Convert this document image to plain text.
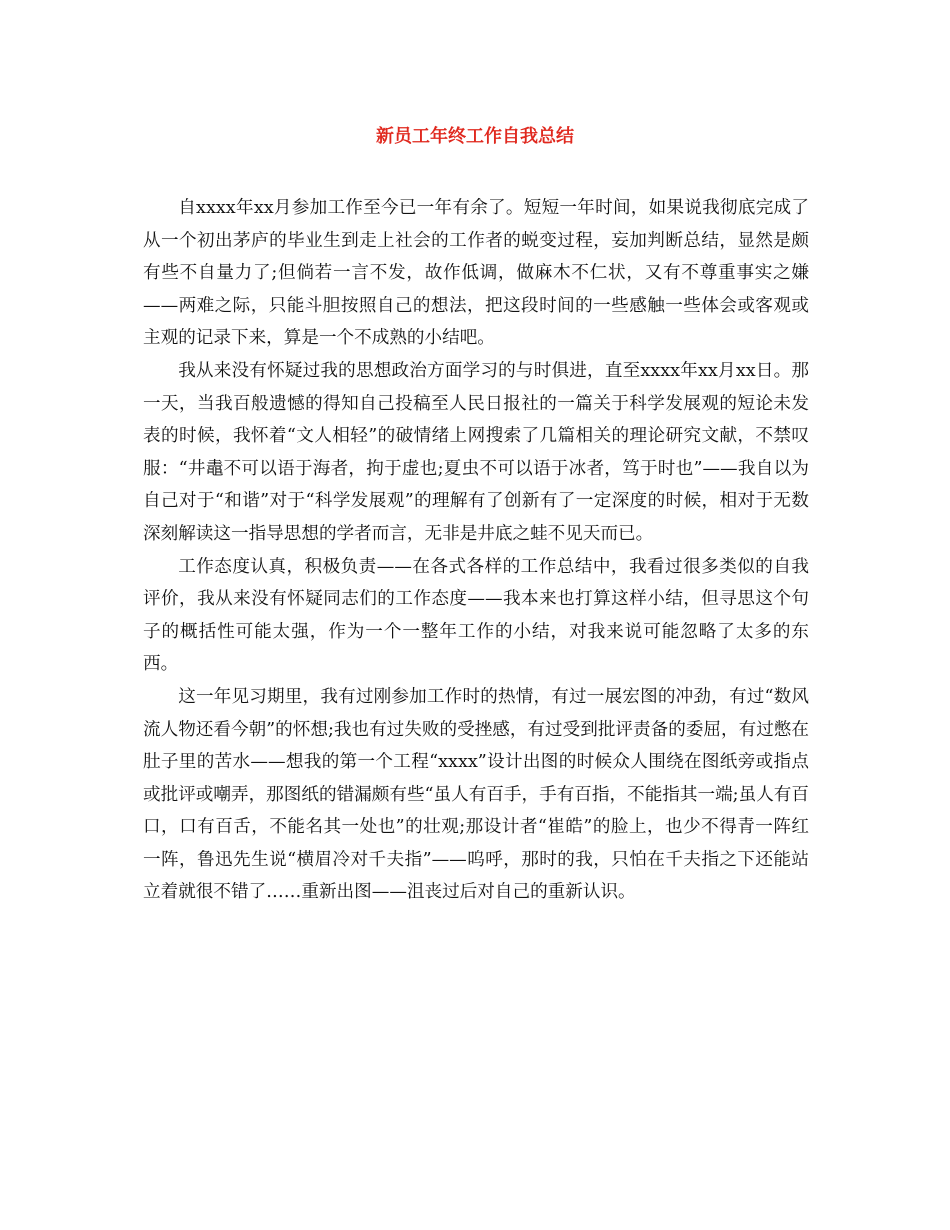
新员工年终工作自我总结

自xxxx年xx月参加工作至今已一年有余了。短短一年时间，如果说我彻底完成了从一个初出茅庐的毕业生到走上社会的工作者的蜕变过程，妄加判断总结，显然是颇有些不自量力了;但倘若一言不发，故作低调，做麻木不仁状，又有不尊重事实之嫌——两难之际，只能斗胆按照自己的想法，把这段时间的一些感触一些体会或客观或主观的记录下来，算是一个不成熟的小结吧。

我从来没有怀疑过我的思想政治方面学习的与时俱进，直至xxxx年xx月xx日。那一天，当我百般遗憾的得知自己投稿至人民日报社的一篇关于科学发展观的短论未发表的时候，我怀着“文人相轻”的破情绪上网搜索了几篇相关的理论研究文献，不禁叹服：“井鼃不可以语于海者，拘于虚也;夏虫不可以语于冰者，笃于时也”——我自以为自己对于“和谐”对于“科学发展观”的理解有了创新有了一定深度的时候，相对于无数深刻解读这一指导思想的学者而言，无非是井底之蛙不见天而已。

工作态度认真，积极负责——在各式各样的工作总结中，我看过很多类似的自我评价，我从来没有怀疑同志们的工作态度——我本来也打算这样小结，但寻思这个句子的概括性可能太强，作为一个一整年工作的小结，对我来说可能忽略了太多的东西。

这一年见习期里，我有过刚参加工作时的热情，有过一展宏图的冲劲，有过“数风流人物还看今朝”的怀想;我也有过失败的受挫感，有过受到批评责备的委屈，有过憋在肚子里的苦水——想我的第一个工程“xxxx”设计出图的时候众人围绕在图纸旁或指点或批评或嘲弄，那图纸的错漏颇有些“虽人有百手，手有百指，不能指其一端;虽人有百口，口有百舌，不能名其一处也”的壮观;那设计者“崔皓”的脸上，也少不得青一阵红一阵，鲁迅先生说“横眉冷对千夫指”——呜呼，那时的我，只怕在千夫指之下还能站立着就很不错了……重新出图——沮丧过后对自己的重新认识。
